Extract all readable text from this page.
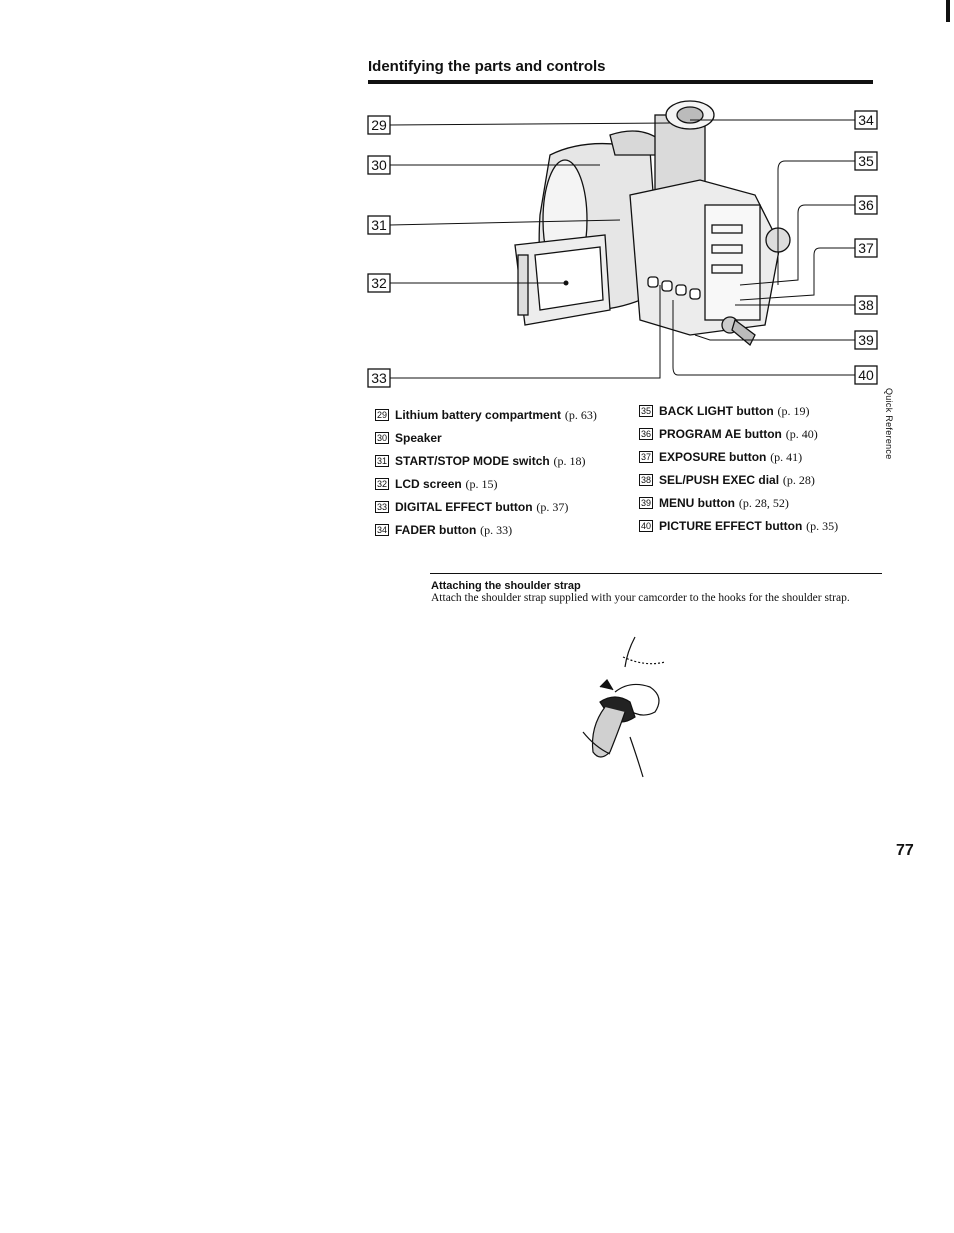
Identifying the parts and controls
29
30
31
32
33
34
35
36
37
38
39
40
29 Lithium battery compartment (p. 63)
30 Speaker
31 START/STOP MODE switch (p. 18)
32 LCD screen (p. 15)
33 DIGITAL EFFECT button (p. 37)
34 FADER button (p. 33)
35 BACK LIGHT button (p. 19)
36 PROGRAM AE button (p. 40)
37 EXPOSURE button (p. 41)
38 SEL/PUSH EXEC dial (p. 28)
39 MENU button (p. 28, 52)
40 PICTURE EFFECT button (p. 35)
Quick Reference
Attaching the shoulder strap
Attach the shoulder strap supplied with your camcorder to the hooks for the shoulder strap.
77
